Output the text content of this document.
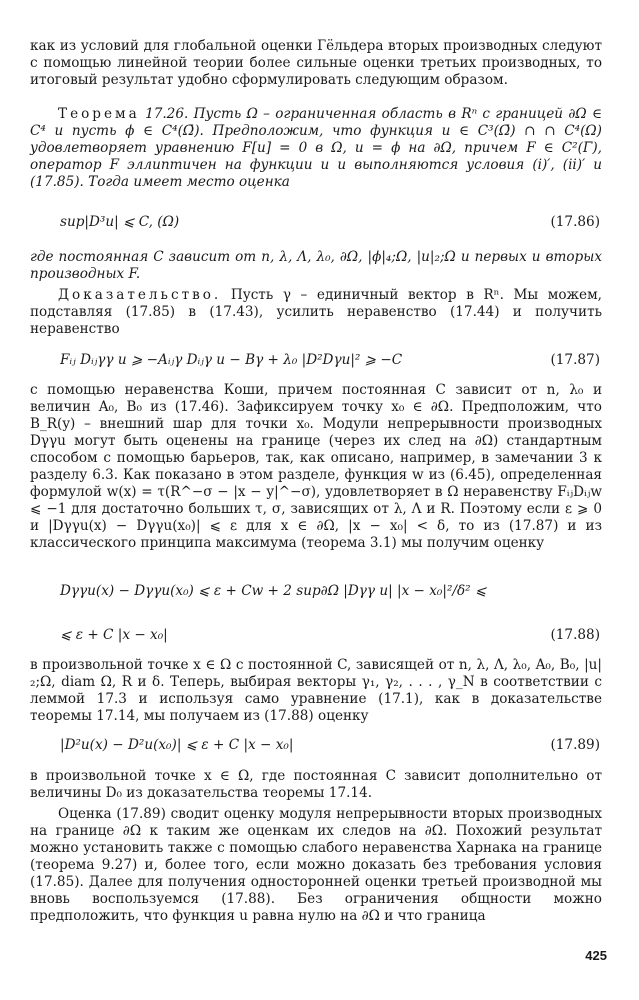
как из условий для глобальной оценки Гёльдера вторых производных следуют с помощью линейной теории более сильные оценки третьих производных, то итоговый результат удобно сформулировать следующим образом.

Теорема 17.26. Пусть Ω – ограниченная область в Rⁿ с границей ∂Ω ∈ C⁴ и пусть ϕ ∈ C⁴(Ω̄). Предположим, что функция u ∈ C³(Ω̄) ∩ ∩ C⁴(Ω) удовлетворяет уравнению F[u] = 0 в Ω, u = ϕ на ∂Ω, причем F ∈ C²(Γ̄), оператор F эллиптичен на функции u и выполняются условия (i)′, (ii)′ и (17.85). Тогда имеет место оценка

sup|D³u| ⩽ C, (Ω)	(17.86)

где постоянная C зависит от n, λ, Λ, λ₀, ∂Ω, |ϕ|₄;Ω, |u|₂;Ω и первых и вторых производных F.

Доказательство. Пусть γ – единичный вектор в Rⁿ. Мы можем, подставляя (17.85) в (17.43), усилить неравенство (17.44) и получить неравенство

Fᵢⱼ Dᵢⱼγγ u ⩾ −Aᵢⱼγ Dᵢⱼγ u − Bγ + λ₀ |D²Dγu|² ⩾ −C	(17.87)

с помощью неравенства Коши, причем постоянная C зависит от n, λ₀ и величин A₀, B₀ из (17.46). Зафиксируем точку x₀ ∈ ∂Ω. Предположим, что B_R(y) – внешний шар для точки x₀. Модули непрерывности производных Dγγu могут быть оценены на границе (через их след на ∂Ω) стандартным способом с помощью барьеров, так, как описано, например, в замечании 3 к разделу 6.3. Как показано в этом разделе, функция w из (6.45), определенная формулой w(x) = τ(R^−σ − |x − y|^−σ), удовлетворяет в Ω неравенству FᵢⱼDᵢⱼw ⩽ −1 для достаточно больших τ, σ, зависящих от λ, Λ и R. Поэтому если ε ⩾ 0 и |Dγγu(x) − Dγγu(x₀)| ⩽ ε для x ∈ ∂Ω, |x − x₀| < δ, то из (17.87) и из классического принципа максимума (теорема 3.1) мы получим оценку

Dγγu(x) − Dγγu(x₀) ⩽ ε + Cw + 2 sup∂Ω |Dγγ u| |x − x₀|²/δ² ⩽
⩽ ε + C |x − x₀|	(17.88)

в произвольной точке x ∈ Ω с постоянной C, зависящей от n, λ, Λ, λ₀, A₀, B₀, |u|₂;Ω, diam Ω, R и δ. Теперь, выбирая векторы γ₁, γ₂, . . . , γ_N в соответствии с леммой 17.3 и используя само уравнение (17.1), как в доказательстве теоремы 17.14, мы получаем из (17.88) оценку

|D²u(x) − D²u(x₀)| ⩽ ε + C |x − x₀|	(17.89)

в произвольной точке x ∈ Ω, где постоянная C зависит дополнительно от величины D₀ из доказательства теоремы 17.14.

Оценка (17.89) сводит оценку модуля непрерывности вторых производных на границе ∂Ω к таким же оценкам их следов на ∂Ω. Похожий результат можно установить также с помощью слабого неравенства Харнака на границе (теорема 9.27) и, более того, если можно доказать без требования условия (17.85). Далее для получения односторонней оценки третьей производной мы вновь воспользуемся (17.88). Без ограничения общности можно предположить, что функция u равна нулю на ∂Ω и что граница

425
